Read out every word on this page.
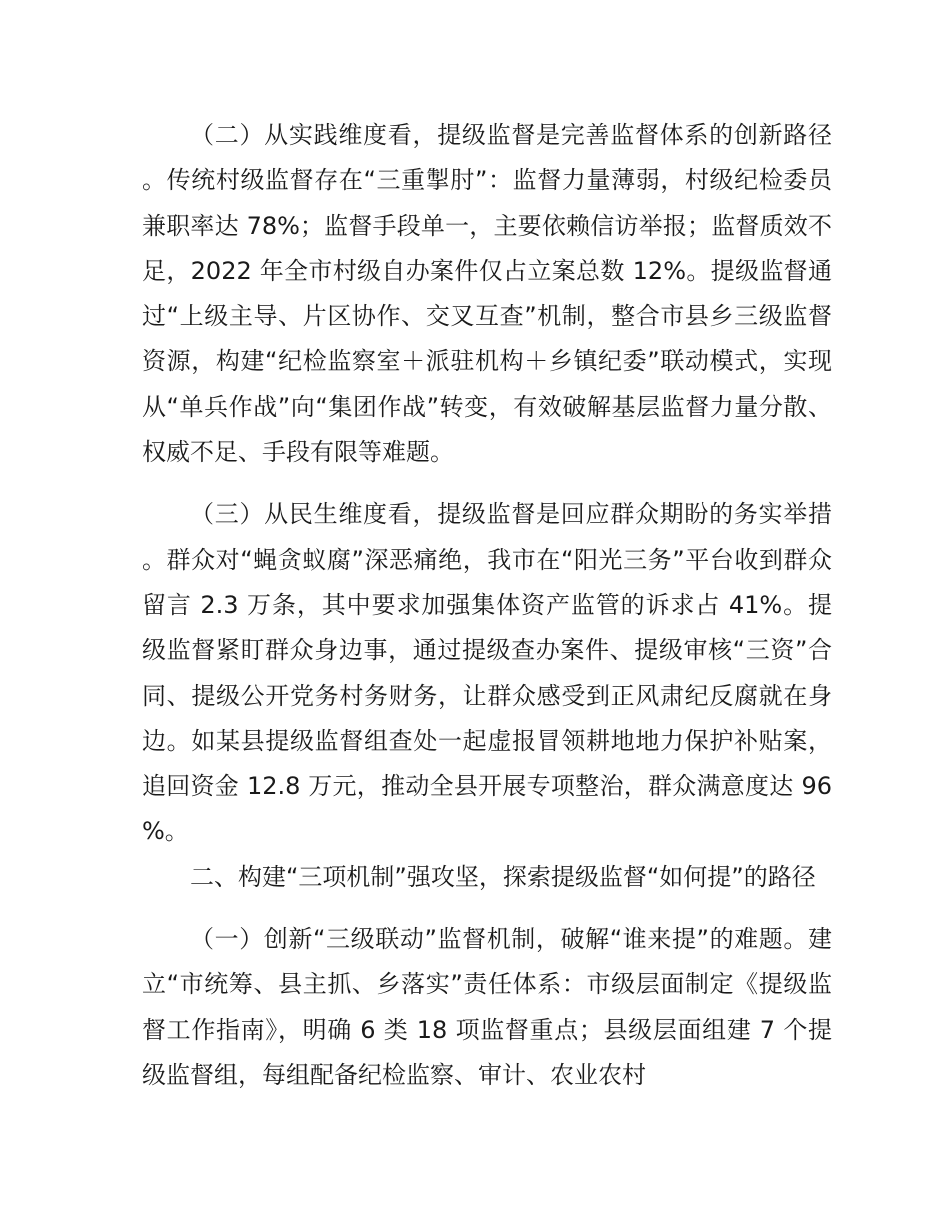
（二）从实践维度看，提级监督是完善监督体系的创新路径。传统村级监督存在“三重掣肘”：监督力量薄弱，村级纪检委员兼职率达 78%；监督手段单一，主要依赖信访举报；监督质效不足，2022 年全市村级自办案件仅占立案总数 12%。提级监督通过“上级主导、片区协作、交叉互查”机制，整合市县乡三级监督资源，构建“纪检监察室＋派驻机构＋乡镇纪委”联动模式，实现从“单兵作战”向“集团作战”转变，有效破解基层监督力量分散、权威不足、手段有限等难题。

（三）从民生维度看，提级监督是回应群众期盼的务实举措。群众对“蝇贪蚁腐”深恶痛绝，我市在“阳光三务”平台收到群众留言 2.3 万条，其中要求加强集体资产监管的诉求占 41%。提级监督紧盯群众身边事，通过提级查办案件、提级审核“三资”合同、提级公开党务村务财务，让群众感受到正风肃纪反腐就在身边。如某县提级监督组查处一起虚报冒领耕地地力保护补贴案，追回资金 12.8 万元，推动全县开展专项整治，群众满意度达 96%。

二、构建“三项机制”强攻坚，探索提级监督“如何提”的路径

（一）创新“三级联动”监督机制，破解“谁来提”的难题。建立“市统筹、县主抓、乡落实”责任体系：市级层面制定《提级监督工作指南》，明确 6 类 18 项监督重点；县级层面组建 7 个提级监督组，每组配备纪检监察、审计、农业农村
